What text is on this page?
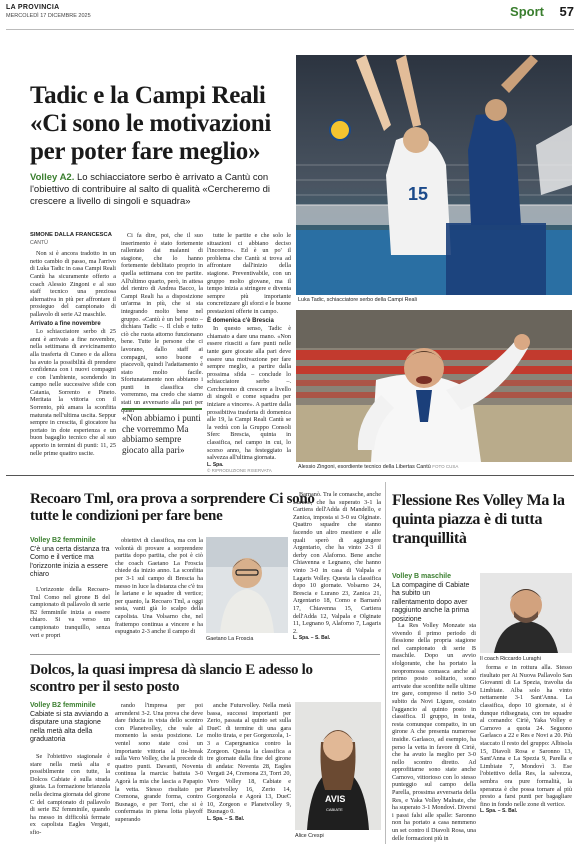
LA PROVINCIA
MERCOLEDÌ 17 DICEMBRE 2025	Sport 57
Tadic e la Campi Reali «Ci sono le motivazioni per poter fare meglio»
Volley A2. Lo schiacciatore serbo è arrivato a Cantù con l'obiettivo di contribuire al salto di qualità «Cercheremo di crescere a livello di singoli e squadra»
SIMONE DALLA FRANCESCA
CANTÙ
Non si è ancora tradotto in un netto cambio di passo, ma l'arrivo di Luka Tadic in casa Campi Reali Cantù ha sicuramente offerto a coach Alessio Zingoni e al suo staff tecnico una preziosa alternativa in più per affrontare il prosieguo del campionato di pallavolo di serie A2 maschile.
Arrivato a fine novembre
Lo schiacciatore serbo di 25 anni è arrivato a fine novembre, nella settimana di avvicinamento alla trasferta di Cuneo e da allora ha avuto la possibilità di prendere confidenza con i nuovi compagni e con l'ambiente, scendendo in campo nelle successive sfide con Catania, Sorrento e Pineto. Meritata la vittoria con il Sorrento, più amara la sconfitta maturata nell'ultima uscita. Seppur sempre in crescita, il giocatore ha portato in dote esperienza e un buon bagaglio tecnico che al suo apporto in termini di punti: 11, 25 nelle prime quattro uscite.
Ci fa dire, poi, che il suo inserimento è stato fortemente rallentato dai malanni di stagione, che lo hanno fortemente debilitato proprio in quella settimana con tre partite. All'ultimo quarto, però, in attesa del rientro di Andrea Bacco, la Campi Reali ha a disposizione un'arma in più, che si sta integrando molto bene nel gruppo. «Cantù è un bel posto – dichiara Tadic –. Il club e tutto ciò che ruota attorno funzionano bene. Tutte le persone che ci lavorano, dallo staff ai compagni, sono buone e piacevoli, quindi l'adattamento è stato molto facile. Sfortunatamente non abbiamo i punti in classifica che vorremmo, ma credo che siamo stati un avversario alla pari per quasi
«Non abbiamo i punti che vorremmo Ma abbiamo sempre giocato alla pari»
tutte le partite e che solo le situazioni ci abbiano deciso l'incontro». Ed è un po' il problema che Cantù si trova ad affrontare dall'inizio della stagione. Preventivabile, con un gruppo molto giovane, ma il tempo inizia a stringere e diventa sempre più importante concretizzare gli sforzi e le buone prestazioni offerte in campo.
È domenica c'è Brescia
In questo senso, Tadic è chiamato a dare una mano. «Non essere riusciti a fare punti nelle tante gare giocate alla pari deve essere una motivazione per fare sempre meglio, a partire dalla prossima sfida – conclude lo schiacciatore serbo –. Cercheremo di crescere a livello di singoli e come squadra per iniziare a vincere». A partire dalla prossibitiva trasferta di domenica alle 19, la Campi Reali Cantù se la vedrà con la Gruppo Consoli Sferc Brescia, quinta in classifica, nel campo in cui, lo scorso anno, ha festeggiato la salvezza all'ultima giornata.
L. Spa.
© RIPRODUZIONE RISERVATA
15
Luka Tadic, schiacciatore serbo della Campi Reali
Alessio Zingoni, esordiente tecnico della Libertas Cantù FOTO CUSA
Recoaro Tml, ora prova a sorprendere Ci sono tutte le condizioni per fare bene
Volley B2 femminile
C'è una certa distanza tra Como e il vertice ma l'orizzonte inizia a essere chiaro
L'orizzonte della Recoaro-Tml Como nel girone B del campionato di pallavolo di serie B2 femminile inizia a essere chiaro. Si va verso un campionato tranquillo, senza veri e propri
obiettivi di classifica, ma con la volontà di provare a sorprendere partita dopo partita, che poi è ciò che coach Gaetano La Froscia chiede da inizio anno. La sconfitta per 3-1 sul campo di Brescia ha messo in luce la distanza che c'è tra le lariane e le squadre di vertice; per quanto, la Recoaro Tml, a oggi sesta, vanti già lo scalpo della capolista. Una Volsarno che, nel frattempo continua a vincere e ha espugnato 2-3 anche il campo di
Gaetano La Froscia
Barnanò. Tra le comasche, anche Lurano, che ha superato 3-1 la Cartiera dell'Adda di Mandello, e Zanica, imposta si 3-0 su Olginate. Quattro squadre che stanno facendo un altro mestiere e alle quali sperò di aggiungere Argentario, che ha vinto 2-3 il derby con Alaforno. Bene anche Chiavenna e Legnano, che hanno vinto 3-0 in casa di Valpala e Lagaris Volley. Questa la classifica dopo 10 giornate. Volsarno 24, Brescia e Lurano 23, Zanica 21, Argentario 18, Como e Barnanò 17, Chiavenna 15, Cartiera dell'Adda 12, Valpala e Olginate 11, Legnano 9, Alaforno 7, Lagaris 2.
L. Spa. – S. Bal.
Flessione Res Volley Ma la quinta piazza è di tutta tranquillità
Volley B maschile
La compagine di Cabiate ha subito un rallentamento dopo aver raggiunto anche la prima posizione
Il coach Riccardo Luraghi
La Res Volley Monzate sta vivendo il primo periodo di flessione della propria stagione nel campionato di serie B maschile. Dopo un avvio sfolgorante, che ha portato la neopromossa comasca anche al primo posto solitario, sono arrivate due sconfitte nelle ultime tre gare, compreso il netto 3-0 subito da Novi Ligure, costato l'aggancio al quinto posto in classifica. Il gruppo, in testa, resta comunque compatto, in un girone A che presenta numerose insidie. Garlasco, ad esempio, ha perso la vetta in favore di Ciriè, che ha avuto la meglio per 3-0 nello scontro diretto. Ad approfittarne sono state anche Carnovo, vittorioso con lo stesso punteggio sul campo della Parella, prossima avversaria della Res, e Yaka Volley Malnate, che ha superato 3-1 Mondovì. Diversi i passi falsi alle spalle: Saronno non ha portato a casa nemmeno un set contro il Diavoli Rosa, una delle formazioni più in
forma e in rottura alla. Stesso risultato per Ai Nuova Pallavolo San Giovanni di La Spezia, travolta da Limbiate. Alba solo ha vinto nettamente 3-1 Sant'Anna. La classifica, dopo 10 giornate, si è dunque ridisegnata, con tre squadre al comando: Ciriè, Yaka Volley e Carnovo a quota 24. Seguono Garlasco a 22 e Res e Novi a 20. Più staccato il resto del gruppo: Albisola 15, Diavoli Rosa e Saronno 13, Sant'Anna e La Spezia 9, Parella e Limbiate 7, Mondovì 3. Ese l'obiettivo della Res, la salvezza, sembra ora pure formalità, la speranza è che possa tornare al più presto a farsi punti per bagagliare fino in fondo nelle zone di vertice.
L. Spa. – S. Bal.
Dolcos, la quasi impresa dà slancio E adesso lo scontro per il sesto posto
Volley B2 femminile
Cabiate si sta avviando a disputare una stagione nella metà alta della graduatoria
Se l'obiettivo stagionale è stare nella metà alta e possibilmente con tutte, la Dolcos Cabiate è sulla strada giusta. La formazione brianzola nella decima giornata del girone C del campionato di pallavolo di serie B2 femminile, quando ha messo in difficoltà fermate ex capolista Eagles Vergati, sfio-
rando l'impresa per poi arrendersi 3-2. Una prova che deve dare fiducia in vista dello scontro con Planetvolley, che vale al momento la sesta posizione. Le ventel sono state così un importante vittoria al tie-break sulla Vero Volley, che la precede di quattro punti. Davanti, Noventa continua la marcia: battuta 3-0 Agorà la mia che lascia a Papapio la vetta. Stesso risultato per Cremona, grande forma, contro Busnago, e per Torri, che si è confermata in piena lotta playoff superando
anche Futurvolley. Nella metà bassa, successi importanti per Zerio, passata al quinto set sulla DueC di termine di una gara molto tirata, e per Gorgonzola, 1-3 a Capergnanica contro la Zorgeon. Questa la classifica a tre giornate dalla fine del girone di andata: Noventa 28, Eagles Vergati 24, Cremona 23, Torri 20, Vero Volley 18, Cabiate e Planetvolley 16, Zerio 14, Gorgonzola e Agorà 13, DueC 10, Zorgeon e Planetvolley 9, Busnago 0.
L. Spa. – S. Bal.
AVIS
CABIATE
Alice Crespi
